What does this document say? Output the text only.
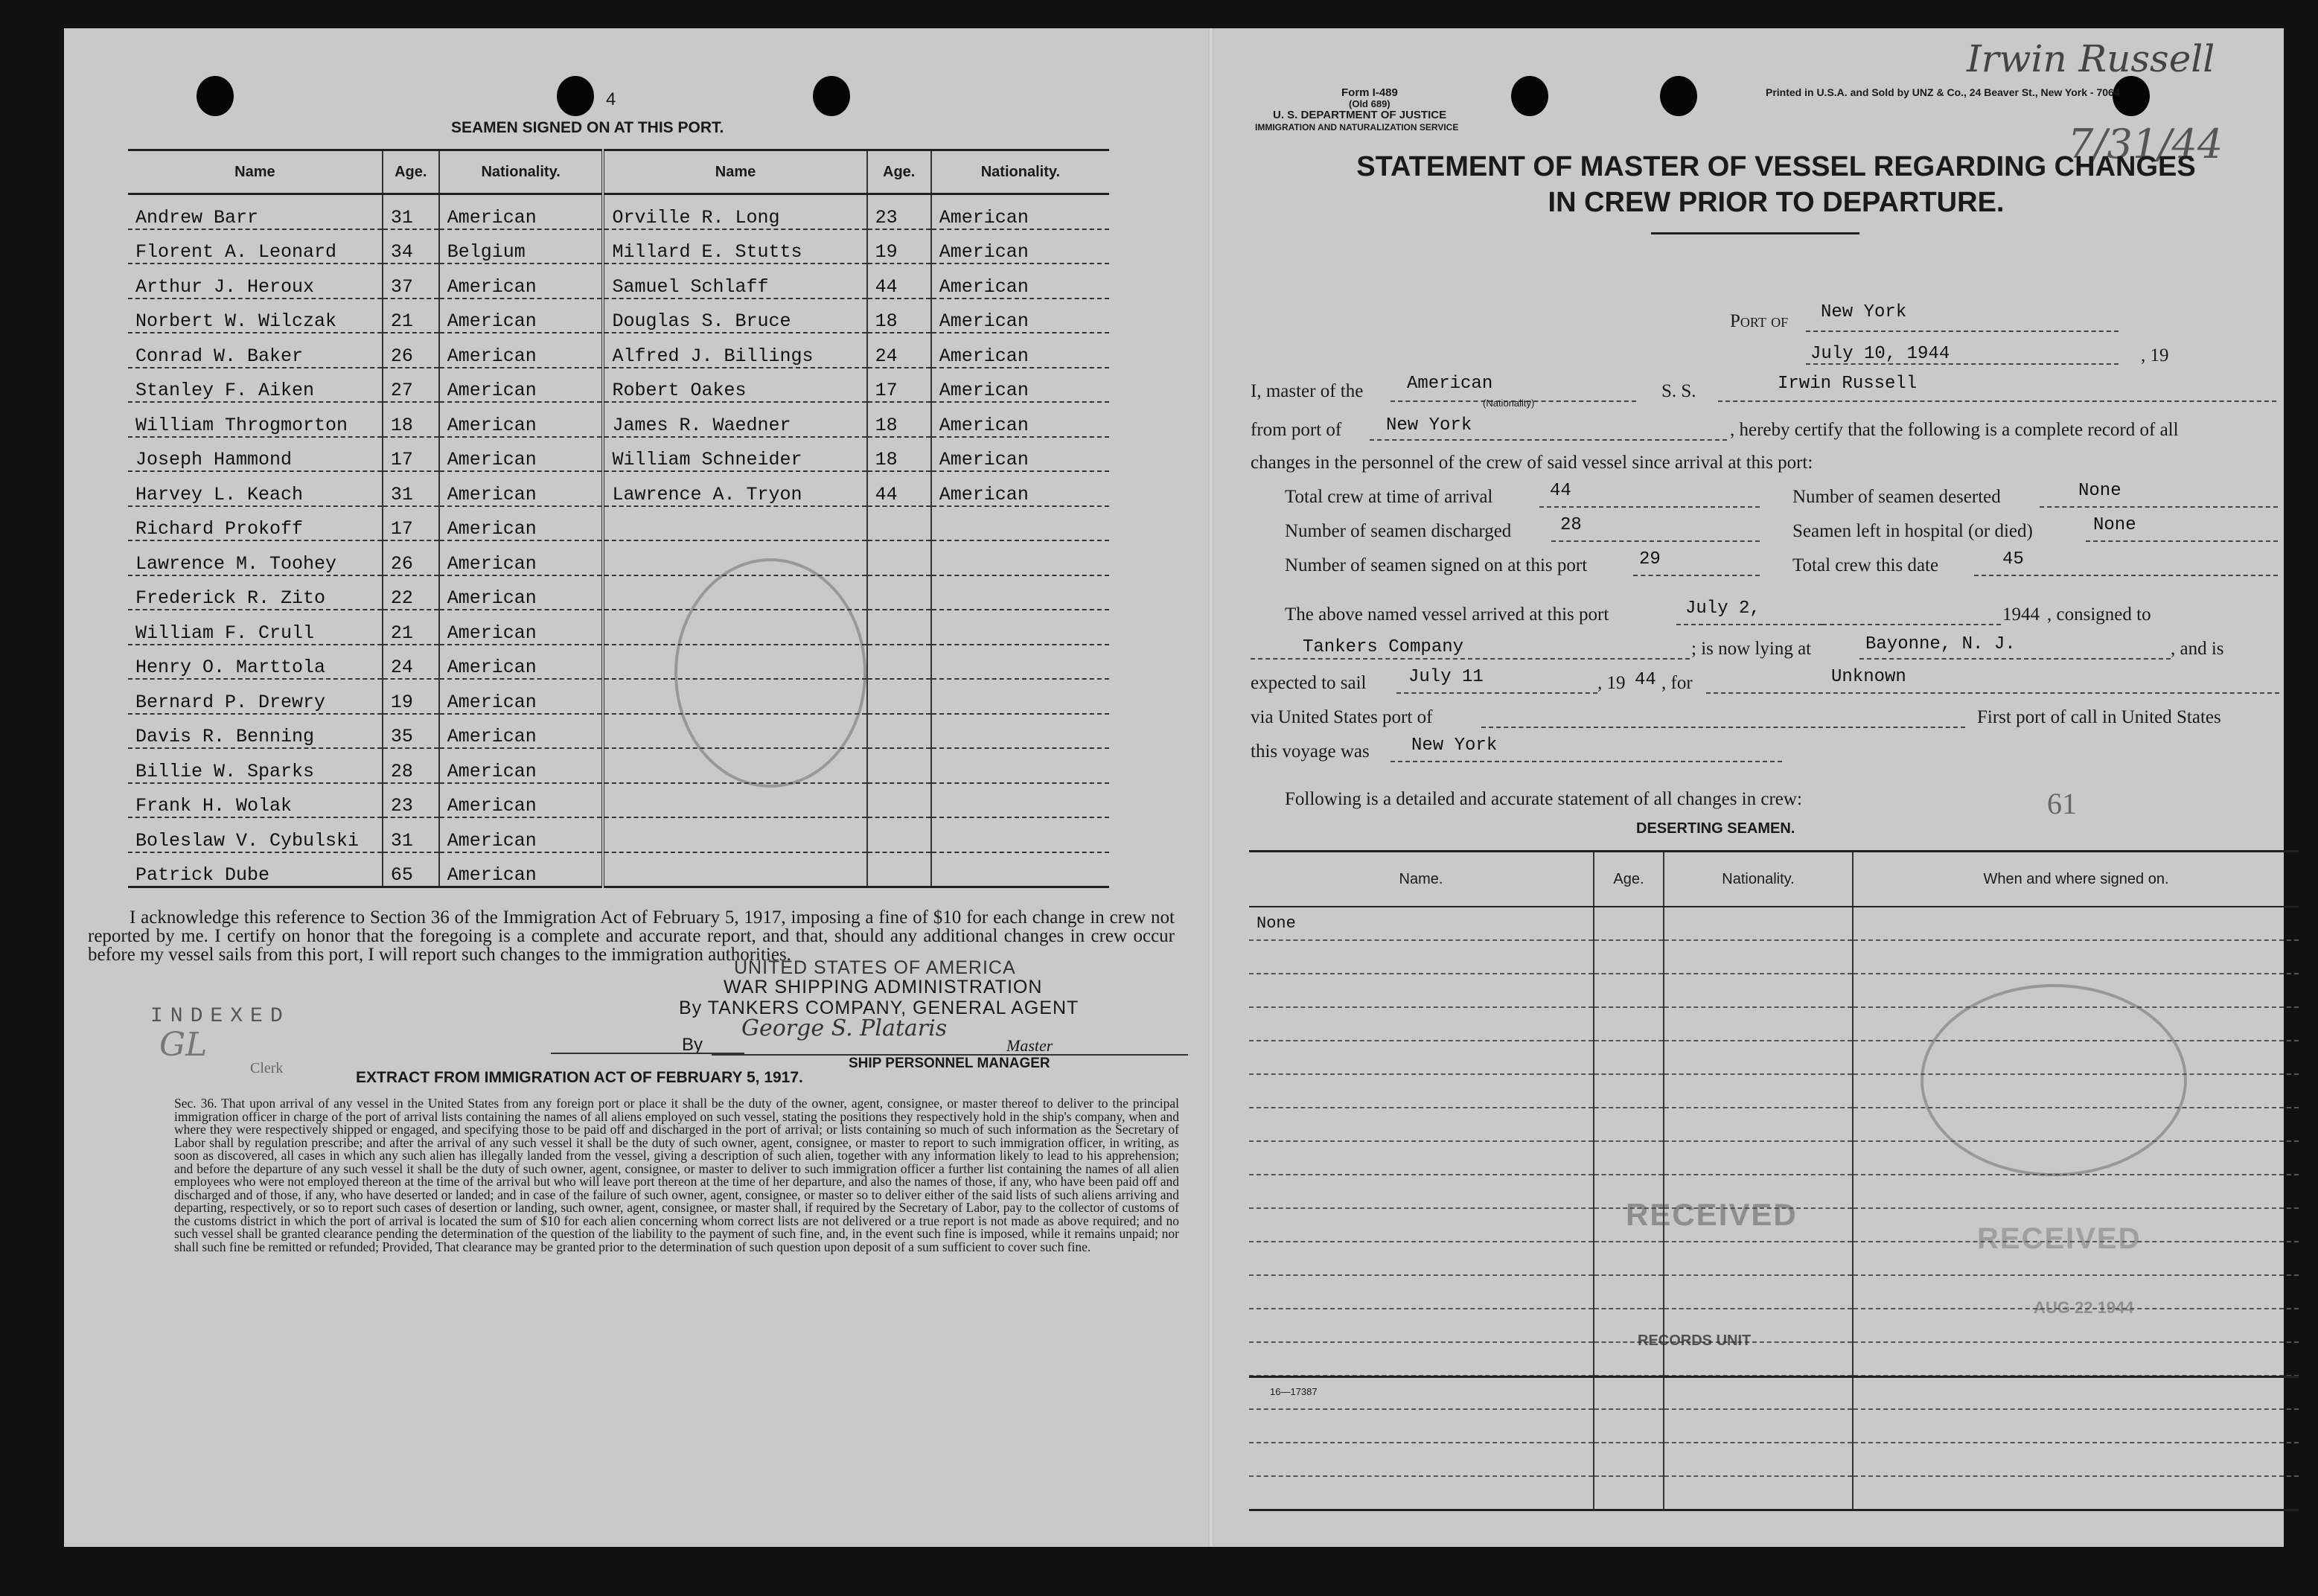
4
SEAMEN SIGNED ON AT THIS PORT.
Name	Age.	Nationality.	Name	Age.	Nationality.
Andrew Barr	31	American	Orville R. Long	23	American
Florent A. Leonard	34	Belgium	Millard E. Stutts	19	American
Arthur J. Heroux	37	American	Samuel Schlaff	44	American
Norbert W. Wilczak	21	American	Douglas S. Bruce	18	American
Conrad W. Baker	26	American	Alfred J. Billings	24	American
Stanley F. Aiken	27	American	Robert Oakes	17	American
William Throgmorton	18	American	James R. Waedner	18	American
Joseph Hammond	17	American	William Schneider	18	American
Harvey L. Keach	31	American	Lawrence A. Tryon	44	American
Richard Prokoff	17	American			
Lawrence M. Toohey	26	American			
Frederick R. Zito	22	American			
William F. Crull	21	American			
Henry O. Marttola	24	American			
Bernard P. Drewry	19	American			
Davis R. Benning	35	American			
Billie W. Sparks	28	American			
Frank H. Wolak	23	American			
Boleslaw V. Cybulski	31	American			
Patrick Dube	65	American			
I acknowledge this reference to Section 36 of the Immigration Act of February 5, 1917, imposing a fine of $10 for each change in crew not reported by me. I certify on honor that the foregoing is a complete and accurate report, and that, should any additional changes in crew occur before my vessel sails from this port, I will report such changes to the immigration authorities.
UNITED STATES OF AMERICA
WAR SHIPPING ADMINISTRATION
By TANKERS COMPANY, GENERAL AGENT
George S. Plataris
By	Master
SHIP PERSONNEL MANAGER
INDEXED
Clerk
GL
EXTRACT FROM IMMIGRATION ACT OF FEBRUARY 5, 1917.
Sec. 36. That upon arrival of any vessel in the United States from any foreign port or place it shall be the duty of the owner, agent, consignee, or master thereof to deliver to the principal immigration officer in charge of the port of arrival lists containing the names of all aliens employed on such vessel, stating the positions they respectively hold in the ship's company, when and where they were respectively shipped or engaged, and specifying those to be paid off and discharged in the port of arrival; or lists containing so much of such information as the Secretary of Labor shall by regulation prescribe; and after the arrival of any such vessel it shall be the duty of such owner, agent, consignee, or master to report to such immigration officer, in writing, as soon as discovered, all cases in which any such alien has illegally landed from the vessel, giving a description of such alien, together with any information likely to lead to his apprehension; and before the departure of any such vessel it shall be the duty of such owner, agent, consignee, or master to deliver to such immigration officer a further list containing the names of all alien employees who were not employed thereon at the time of the arrival but who will leave port thereon at the time of her departure, and also the names of those, if any, who have been paid off and discharged and of those, if any, who have deserted or landed; and in case of the failure of such owner, agent, consignee, or master so to deliver either of the said lists of such aliens arriving and departing, respectively, or so to report such cases of desertion or landing, such owner, agent, consignee, or master shall, if required by the Secretary of Labor, pay to the collector of customs of the customs district in which the port of arrival is located the sum of $10 for each alien concerning whom correct lists are not delivered or a true report is not made as above required; and no such vessel shall be granted clearance pending the determination of the question of the liability to the payment of such fine, and, in the event such fine is imposed, while it remains unpaid; nor shall such fine be remitted or refunded; Provided, That clearance may be granted prior to the determination of such question upon deposit of a sum sufficient to cover such fine.
Form I-489
(Old 689)
U. S. DEPARTMENT OF JUSTICE
IMMIGRATION AND NATURALIZATION SERVICE
Printed in U.S.A. and Sold by UNZ & Co., 24 Beaver St., New York - 7064
Irwin Russell
7/31/44
STATEMENT OF MASTER OF VESSEL REGARDING CHANGES
IN CREW PRIOR TO DEPARTURE.
Port of New York
July 10, 1944	, 19
I, master of the American
(Nationality)
S. S.	Irwin Russell
from port of New York	, hereby certify that the following is a complete record of all
changes in the personnel of the crew of said vessel since arrival at this port:
Total crew at time of arrival	44	Number of seamen deserted	None
Number of seamen discharged	28	Seamen left in hospital (or died)	None
Number of seamen signed on at this port	29	Total crew this date	45
The above named vessel arrived at this port	July 2,	1944 , consigned to
Tankers Company	; is now lying at	Bayonne, N. J.	, and is
expected to sail July 11	, 19 44 , for	Unknown
via United States port of	First port of call in United States
this voyage was New York
Following is a detailed and accurate statement of all changes in crew:	61
DESERTING SEAMEN.
Name.	Age.	Nationality.	When and where signed on.
None			

RECEIVED
RECEIVED
AUG 22 1944
RECORDS UNIT
16—17387
